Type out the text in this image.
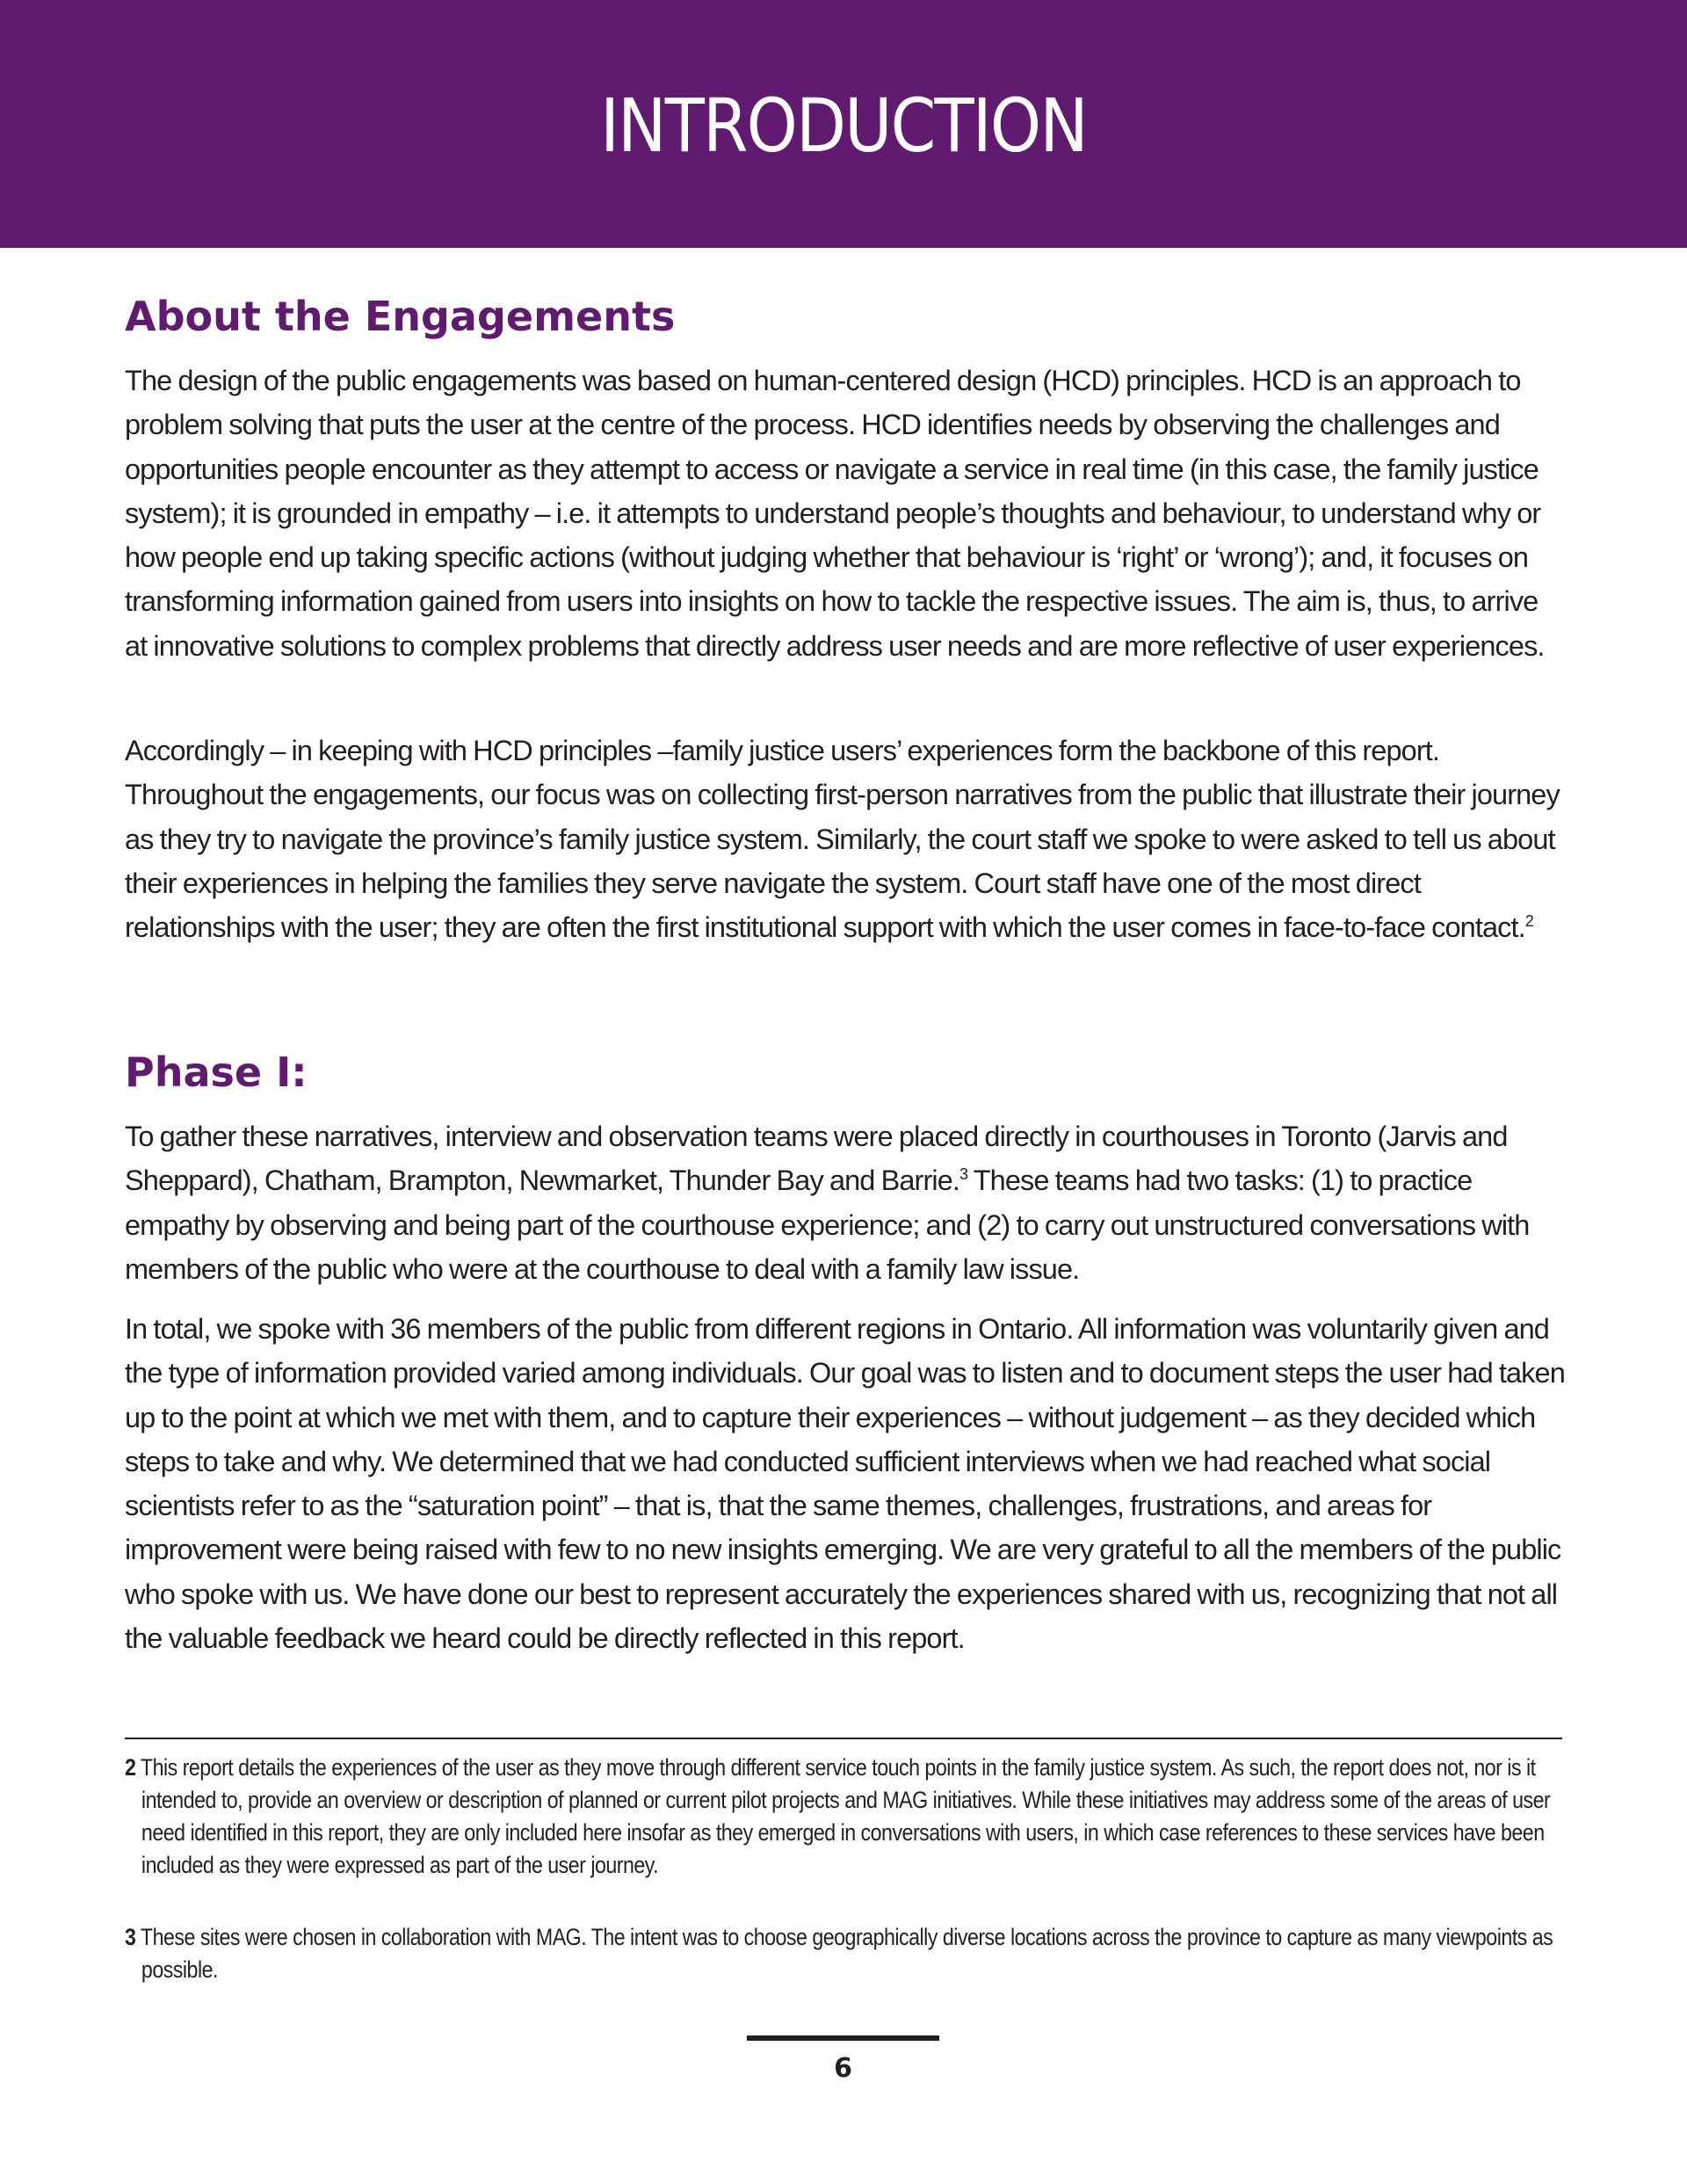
INTRODUCTION
About the Engagements

The design of the public engagements was based on human-centered design (HCD) principles. HCD is an approach to problem solving that puts the user at the centre of the process. HCD identifies needs by observing the challenges and opportunities people encounter as they attempt to access or navigate a service in real time (in this case, the family justice system); it is grounded in empathy – i.e. it attempts to understand people’s thoughts and behaviour, to understand why or how people end up taking specific actions (without judging whether that behaviour is ‘right’ or ‘wrong’); and, it focuses on transforming information gained from users into insights on how to tackle the respective issues. The aim is, thus, to arrive at innovative solutions to complex problems that directly address user needs and are more reflective of user experiences.

Accordingly – in keeping with HCD principles –family justice users’ experiences form the backbone of this report. Throughout the engagements, our focus was on collecting first-person narratives from the public that illustrate their journey as they try to navigate the province’s family justice system. Similarly, the court staff we spoke to were asked to tell us about their experiences in helping the families they serve navigate the system. Court staff have one of the most direct relationships with the user; they are often the first institutional support with which the user comes in face-to-face contact.$^2$

Phase I:

To gather these narratives, interview and observation teams were placed directly in courthouses in Toronto (Jarvis and Sheppard), Chatham, Brampton, Newmarket, Thunder Bay and Barrie.$^3$ These teams had two tasks: (1) to practice empathy by observing and being part of the courthouse experience; and (2) to carry out unstructured conversations with members of the public who were at the courthouse to deal with a family law issue.

In total, we spoke with 36 members of the public from different regions in Ontario. All information was voluntarily given and the type of information provided varied among individuals. Our goal was to listen and to document steps the user had taken up to the point at which we met with them, and to capture their experiences – without judgement – as they decided which steps to take and why. We determined that we had conducted sufficient interviews when we had reached what social scientists refer to as the “saturation point” – that is, that the same themes, challenges, frustrations, and areas for improvement were being raised with few to no new insights emerging. We are very grateful to all the members of the public who spoke with us. We have done our best to represent accurately the experiences shared with us, recognizing that not all the valuable feedback we heard could be directly reflected in this report.

2 This report details the experiences of the user as they move through different service touch points in the family justice system. As such, the report does not, nor is it intended to, provide an overview or description of planned or current pilot projects and MAG initiatives. While these initiatives may address some of the areas of user need identified in this report, they are only included here insofar as they emerged in conversations with users, in which case references to these services have been included as they were expressed as part of the user journey.
3 These sites were chosen in collaboration with MAG. The intent was to choose geographically diverse locations across the province to capture as many viewpoints as possible.
6
